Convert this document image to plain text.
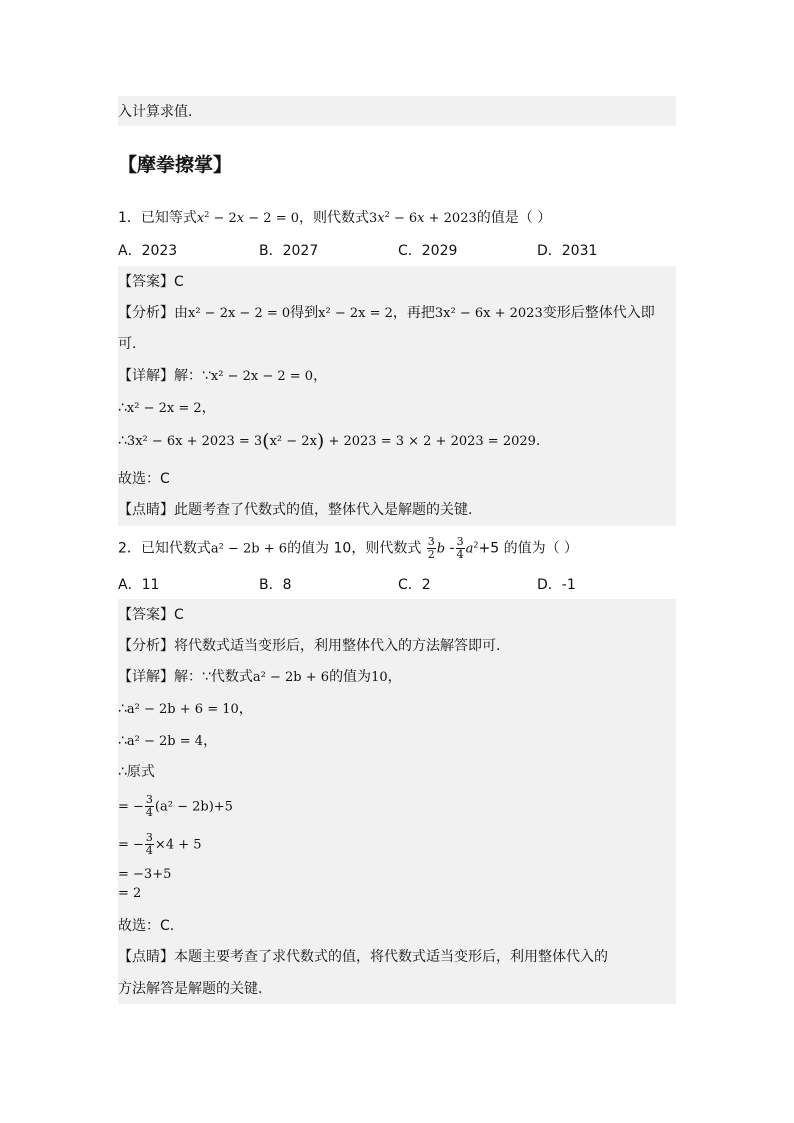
入计算求值.
【摩拳擦掌】
1．已知等式$x^2 - 2x - 2 = 0$，则代数式$3x^2 - 6x + 2023$的值是（ ）
A．2023	B．2027	C．2029	D．2031
【答案】C
【分析】由x² − 2x − 2 = 0得到x² − 2x = 2，再把3x² − 6x + 2023变形后整体代入即
可.
【详解】解：∵x² − 2x − 2 = 0，
∴x² − 2x = 2，
∴3x² − 6x + 2023 = 3(x² − 2x) + 2023 = 3 × 2 + 2023 = 2029.
故选：C
【点睛】此题考查了代数式的值，整体代入是解题的关键.
2．已知代数式a² − 2b + 6的值为 10，则代数式 $\frac{3}{2}$ $b - \frac{3}{4} a^2+5$ 的值为（ ）
A．11	B．8	C．2	D．-1
【答案】C
【分析】将代数式适当变形后，利用整体代入的方法解答即可.
【详解】解：∵代数式a² − 2b + 6的值为10，
∴a² − 2b + 6 = 10，
∴a² − 2b = 4，
∴原式
= − $\frac{3}{4} (a^2 - 2b)+5$
= − $\frac{3}{4} \times 4 + 5$
= −3+5
= 2
故选：C.
【点睛】本题主要考查了求代数式的值，将代数式适当变形后，利用整体代入的
方法解答是解题的关键.
